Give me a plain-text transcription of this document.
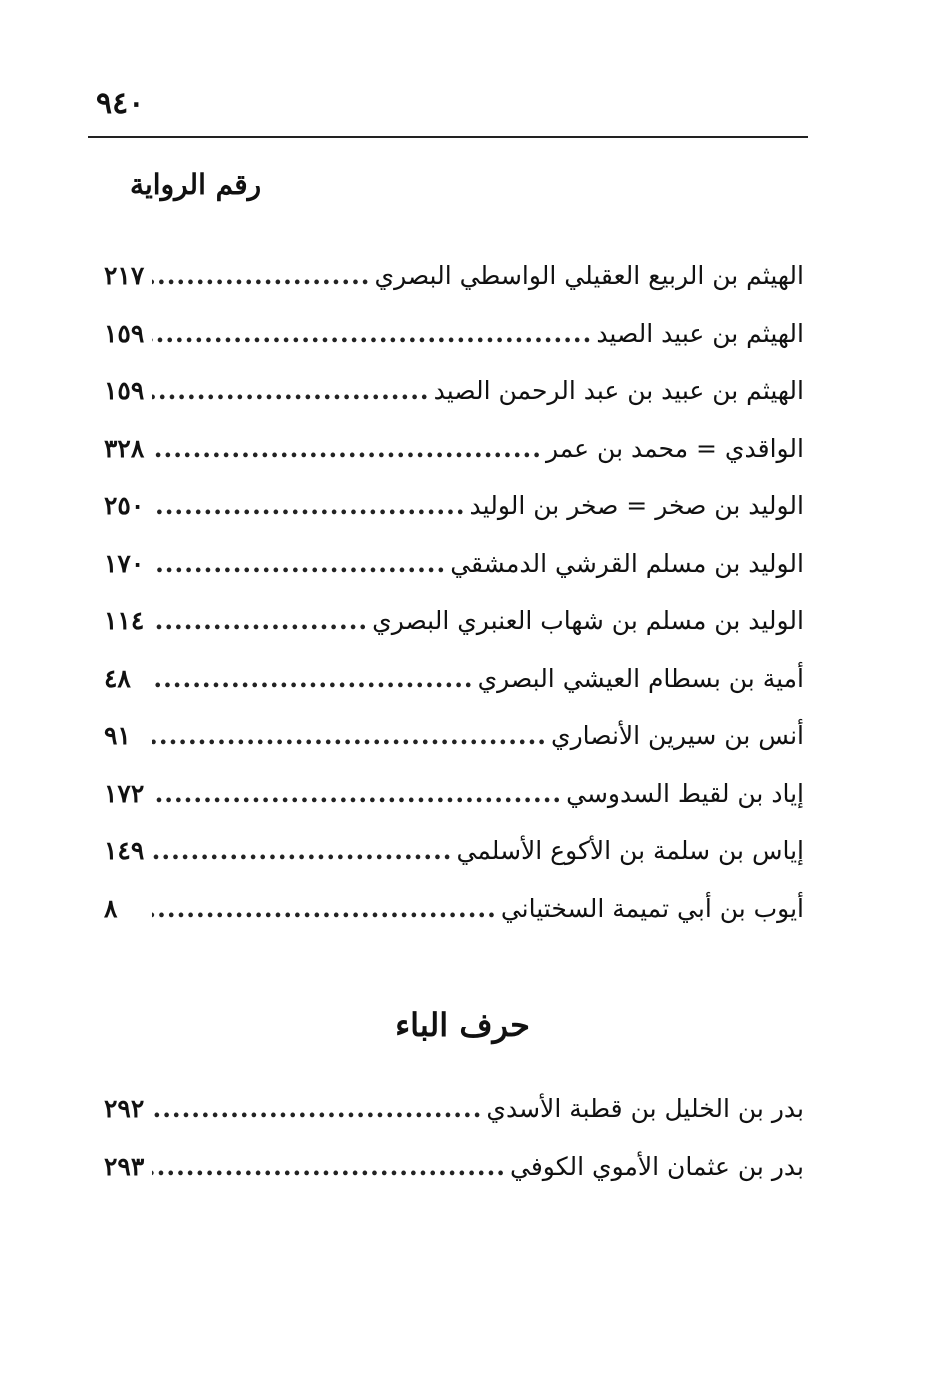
٩٤٠
رقم الرواية
الهيثم بن الربيع العقيلي الواسطي البصري
.....
٢١٧
الهيثم بن عبيد الصيد
.....
١٥٩
الهيثم بن عبيد بن عبد الرحمن الصيد
.....
١٥٩
الواقدي = محمد بن عمر
.....
٣٢٨
الوليد بن صخر = صخر بن الوليد
.....
٢٥٠
الوليد بن مسلم القرشي الدمشقي
.....
١٧٠
الوليد بن مسلم بن شهاب العنبري البصري
.....
١١٤
أمية بن بسطام العيشي البصري
.....
٤٨
أنس بن سيرين الأنصاري
.....
٩١
إياد بن لقيط السدوسي
.....
١٧٢
إياس بن سلمة بن الأكوع الأسلمي
.....
١٤٩
أيوب بن أبي تميمة السختياني
.....
٨
حرف الباء
بدر بن الخليل بن قطبة الأسدي
.....
٢٩٢
بدر بن عثمان الأموي الكوفي
.....
٢٩٣
